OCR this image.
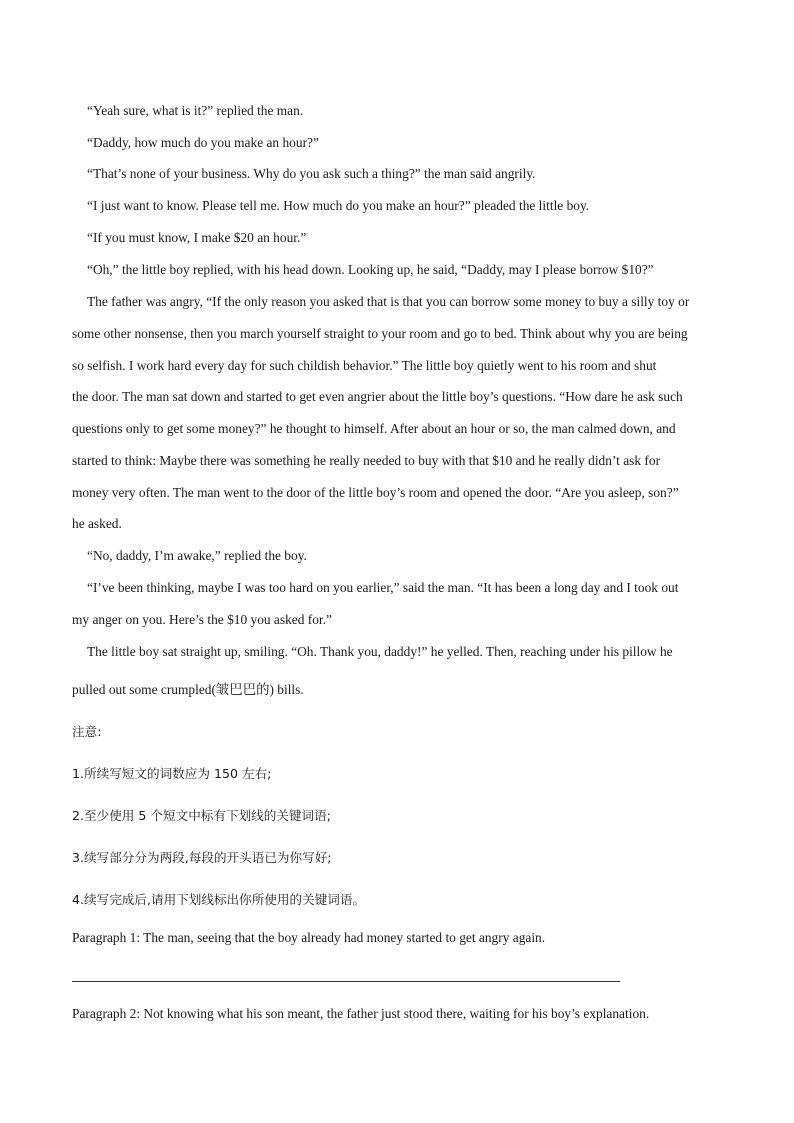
“Yeah sure, what is it?” replied the man.
“Daddy, how much do you make an hour?”
“That’s none of your business. Why do you ask such a thing?” the man said angrily.
“I just want to know. Please tell me. How much do you make an hour?” pleaded the little boy.
“If you must know, I make $20 an hour.”
“Oh,” the little boy replied, with his head down. Looking up, he said, “Daddy, may I please borrow $10?”
The father was angry, “If the only reason you asked that is that you can borrow some money to buy a silly toy or
some other nonsense, then you march yourself straight to your room and go to bed. Think about why you are being
so selfish. I work hard every day for such childish behavior.” The little boy quietly went to his room and shut
the door. The man sat down and started to get even angrier about the little boy’s questions. “How dare he ask such
questions only to get some money?” he thought to himself. After about an hour or so, the man calmed down, and
started to think: Maybe there was something he really needed to buy with that $10 and he really didn’t ask for
money very often. The man went to the door of the little boy’s room and opened the door. “Are you asleep, son?”
he asked.
“No, daddy, I’m awake,” replied the boy.
“I’ve been thinking, maybe I was too hard on you earlier,” said the man. “It has been a long day and I took out
my anger on you. Here’s the $10 you asked for.”
The little boy sat straight up, smiling. “Oh. Thank you, daddy!” he yelled. Then, reaching under his pillow he
pulled out some crumpled(皱巴巴的) bills.
注意:
1.所续写短文的词数应为 150 左右;
2.至少使用 5 个短文中标有下划线的关键词语;
3.续写部分分为两段,每段的开头语已为你写好;
4.续写完成后,请用下划线标出你所使用的关键词语。
Paragraph 1: The man, seeing that the boy already had money started to get angry again.
Paragraph 2: Not knowing what his son meant, the father just stood there, waiting for his boy’s explanation.
